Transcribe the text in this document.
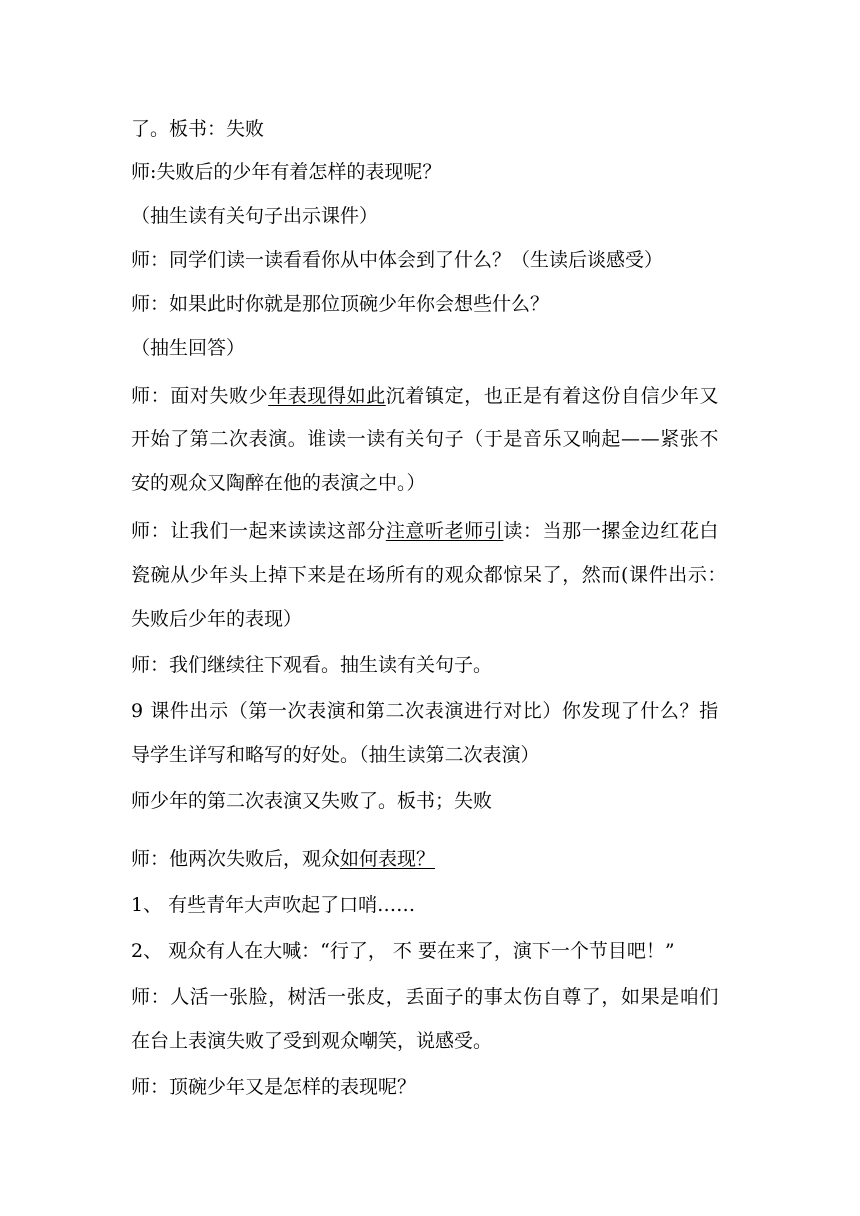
了。板书：失败

师:失败后的少年有着怎样的表现呢？

（抽生读有关句子出示课件）

师：同学们读一读看看你从中体会到了什么？（生读后谈感受）

师：如果此时你就是那位顶碗少年你会想些什么？

（抽生回答）

师：面对失败少年表现得如此沉着镇定，也正是有着这份自信少年又

开始了第二次表演。谁读一读有关句子（于是音乐又响起——紧张不

安的观众又陶醉在他的表演之中。）

师：让我们一起来读读这部分注意听老师引读：当那一摞金边红花白

瓷碗从少年头上掉下来是在场所有的观众都惊呆了，然而(课件出示：

失败后少年的表现）

师：我们继续往下观看。抽生读有关句子。

9 课件出示（第一次表演和第二次表演进行对比）你发现了什么？指

导学生详写和略写的好处。（抽生读第二次表演）

师少年的第二次表演又失败了。板书；失败

师：他两次失败后，观众如何表现？

1、 有些青年大声吹起了口哨……

2、 观众有人在大喊：“行了， 不 要在来了，演下一个节目吧！”

师：人活一张脸，树活一张皮，丢面子的事太伤自尊了，如果是咱们

在台上表演失败了受到观众嘲笑，说感受。

师：顶碗少年又是怎样的表现呢？
